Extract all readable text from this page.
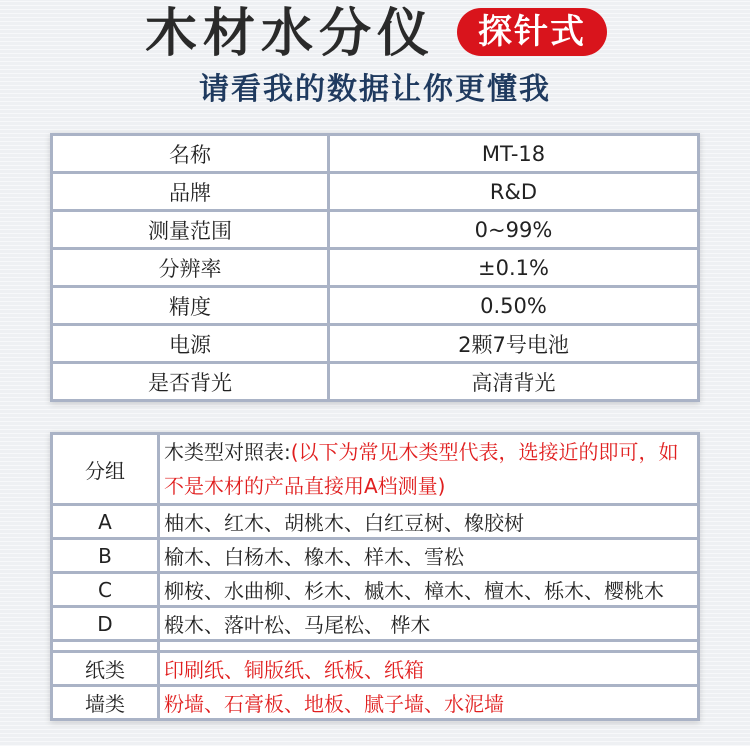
木材水分仪	探针式
请看我的数据让你更懂我
名称	MT-18
品牌	R&D
测量范围	0~99%
分辨率	±0.1%
精度	0.50%
电源	2颗7号电池
是否背光	高清背光
分组	木类型对照表:(以下为常见木类型代表，选接近的即可，如不是木材的产品直接用A档测量)
A	柚木、红木、胡桃木、白红豆树、橡胶树
B	榆木、白杨木、橡木、样木、雪松
C	柳桉、水曲柳、杉木、槭木、樟木、檀木、栎木、樱桃木
D	椴木、落叶松、马尾松、 桦木

纸类	印刷纸、铜版纸、纸板、纸箱
墙类	粉墙、石膏板、地板、腻子墙、水泥墙
